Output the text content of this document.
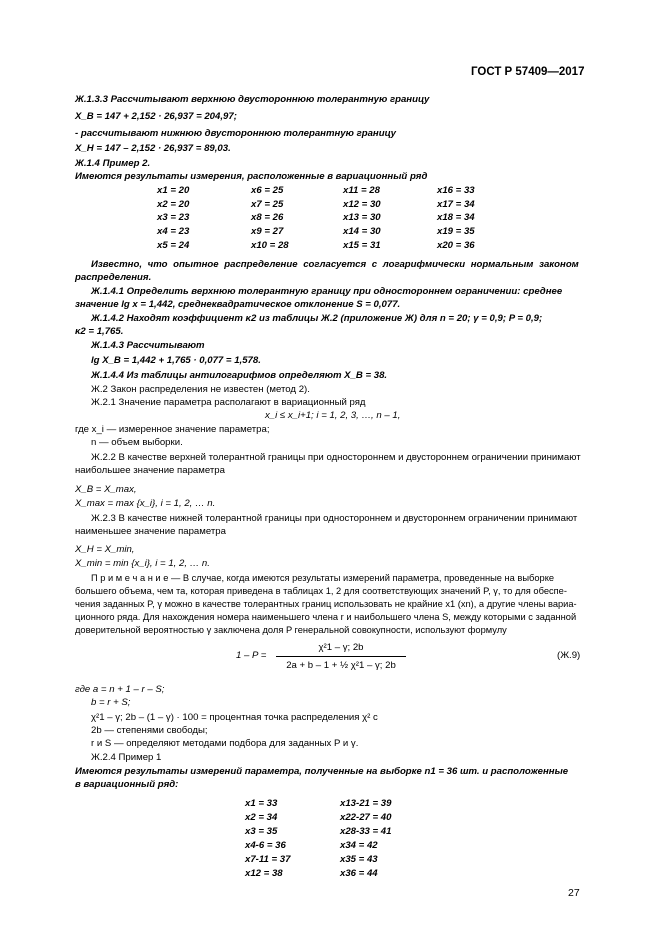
ГОСТ Р 57409—2017
Ж.1.3.3 Рассчитывают верхнюю двустороннюю толерантную границу
X_B = 147 + 2,152 · 26,937 = 204,97;
- рассчитывают нижнюю двустороннюю толерантную границу
X_H = 147 – 2,152 · 26,937 = 89,03.
Ж.1.4 Пример 2.
Имеются результаты измерения, расположенные в вариационный ряд
x1 = 20	x6 = 25	x11 = 28	x16 = 33
x2 = 20	x7 = 25	x12 = 30	x17 = 34
x3 = 23	x8 = 26	x13 = 30	x18 = 34
x4 = 23	x9 = 27	x14 = 30	x19 = 35
x5 = 24	x10 = 28	x15 = 31	x20 = 36
Известно, что опытное распределение согласуется с логарифмически нормальным законом
распределения.
Ж.1.4.1 Определить верхнюю толерантную границу при одностороннем ограничении: среднее
значение lg x = 1,442, среднеквадратическое отклонение S = 0,077.
Ж.1.4.2 Находят коэффициент κ2 из таблицы Ж.2 (приложение Ж) для n = 20; γ = 0,9; P = 0,9;
κ2 = 1,765.
Ж.1.4.3 Рассчитывают
lg X_B = 1,442 + 1,765 · 0,077 = 1,578.
Ж.1.4.4 Из таблицы антилогарифмов определяют X_B = 38.
Ж.2 Закон распределения не известен (метод 2).
Ж.2.1 Значение параметра располагают в вариационный ряд
x_i ≤ x_i+1; i = 1, 2, 3, …, n – 1,
где x_i — измеренное значение параметра;
n — объем выборки.
Ж.2.2 В качестве верхней толерантной границы при одностороннем и двустороннем ограничении принимают
наибольшее значение параметра
X_B = X_max,
X_max = max {x_i}, i = 1, 2, … n.
Ж.2.3 В качестве нижней толерантной границы при одностороннем и двустороннем ограничении принимают
наименьшее значение параметра
X_H = X_min,
X_min = min {x_i}, i = 1, 2, … n.
П р и м е ч а н и е — В случае, когда имеются результаты измерений параметра, проведенные на выборке
большего объема, чем та, которая приведена в таблицах 1, 2 для соответствующих значений P, γ, то для обеспе-
чения заданных P, γ можно в качестве толерантных границ использовать не крайние x1 (xn), а другие члены вариа-
ционного ряда. Для нахождения номера наименьшего члена r и наибольшего члена S, между которыми с заданной
доверительной вероятностью γ заключена доля P генеральной совокупности, используют формулу
1 – P =
χ²1 – γ; 2b
2a + b – 1 + ½ χ²1 – γ; 2b
(Ж.9)
где a = n + 1 – r – S;
b = r + S;
χ²1 – γ; 2b – (1 – γ) · 100 = процентная точка распределения χ² с
2b — степенями свободы;
r и S — определяют методами подбора для заданных P и γ.
Ж.2.4 Пример 1
Имеются результаты измерений параметра, полученные на выборке n1 = 36 шт. и расположенные
в вариационный ряд:
x1 = 33	x13-21 = 39
x2 = 34	x22-27 = 40
x3 = 35	x28-33 = 41
x4-6 = 36	x34 = 42
x7-11 = 37	x35 = 43
x12 = 38	x36 = 44
27
